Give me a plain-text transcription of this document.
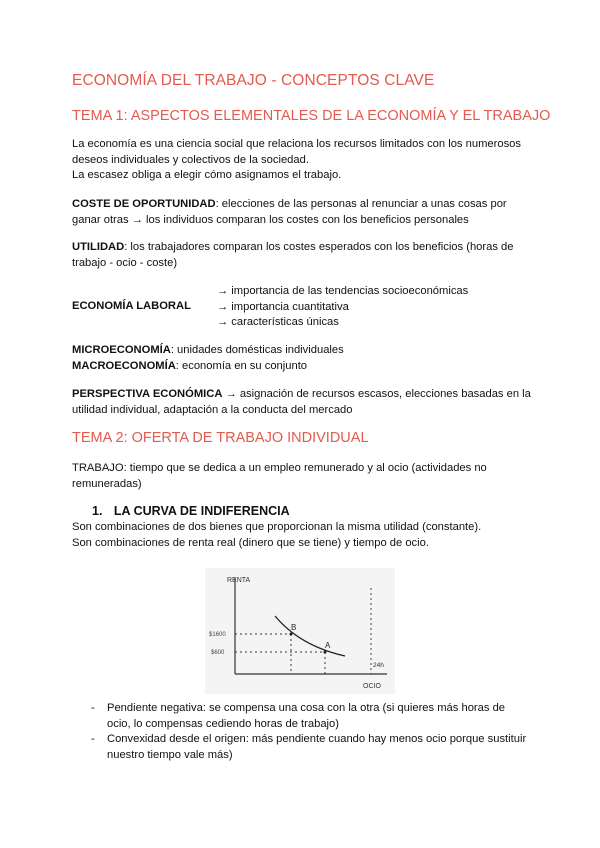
ECONOMÍA DEL TRABAJO - CONCEPTOS CLAVE
TEMA 1: ASPECTOS ELEMENTALES DE LA ECONOMÍA Y EL TRABAJO
La economía es una ciencia social que relaciona los recursos limitados con los numerosos
deseos individuales y colectivos de la sociedad.
La escasez obliga a elegir cómo asignamos el trabajo.
COSTE DE OPORTUNIDAD: elecciones de las personas al renunciar a unas cosas por
ganar otras → los individuos comparan los costes con los beneficios personales
UTILIDAD: los trabajadores comparan los costes esperados con los beneficios (horas de
trabajo - ocio - coste)
ECONOMÍA LABORAL
→ importancia de las tendencias socioeconómicas
→ importancia cuantitativa
→ características únicas
MICROECONOMÍA: unidades domésticas individuales
MACROECONOMÍA: economía en su conjunto
PERSPECTIVA ECONÓMICA → asignación de recursos escasos, elecciones basadas en la
utilidad individual, adaptación a la conducta del mercado
TEMA 2: OFERTA DE TRABAJO INDIVIDUAL
TRABAJO: tiempo que se dedica a un empleo remunerado y al ocio (actividades no
remuneradas)
1. LA CURVA DE INDIFERENCIA
Son combinaciones de dos bienes que proporcionan la misma utilidad (constante).
Son combinaciones de renta real (dinero que se tiene) y tiempo de ocio.
RENTA
OCIO
B
A
$1600
$600
24h
- Pendiente negativa: se compensa una cosa con la otra (si quieres más horas de
ocio, lo compensas cediendo horas de trabajo)
- Convexidad desde el origen: más pendiente cuando hay menos ocio porque sustituir
nuestro tiempo vale más)
